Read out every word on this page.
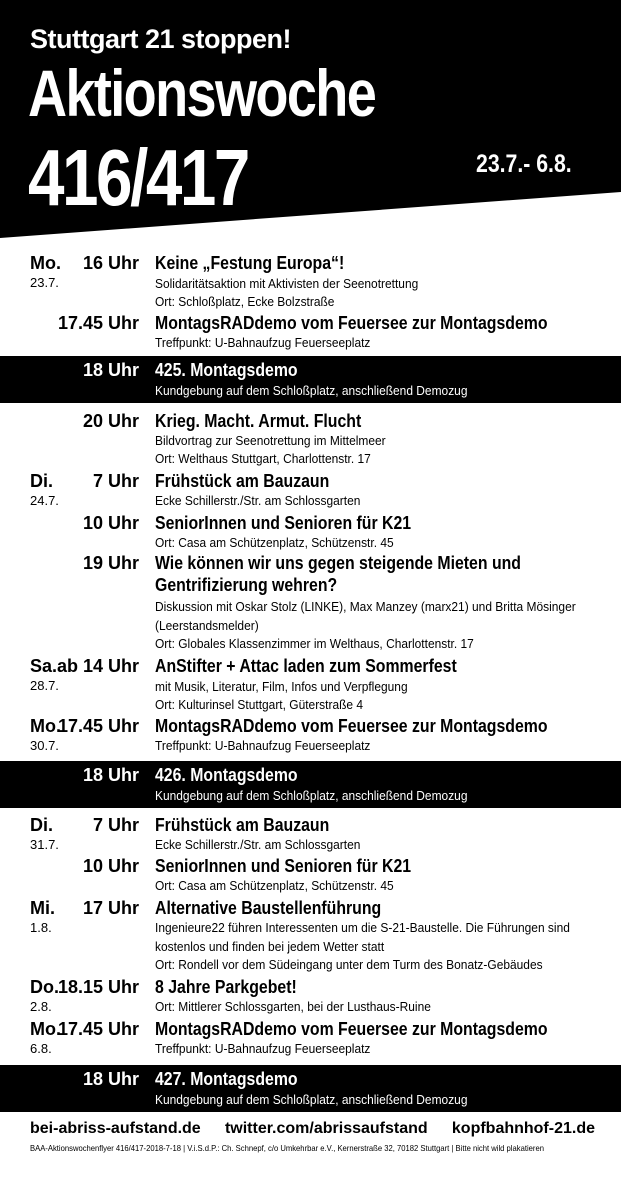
Stuttgart 21 stoppen!
Aktionswoche
416/417	23.7.- 6.8.
Mo.
23.7.
16 Uhr Keine „Festung Europa“!
Solidaritätsaktion mit Aktivisten der Seenotrettung
Ort: Schloßplatz, Ecke Bolzstraße
17.45 Uhr MontagsRADdemo vom Feuersee zur Montagsdemo
Treffpunkt: U-Bahnaufzug Feuerseeplatz
18 Uhr 425. Montagsdemo
Kundgebung auf dem Schloßplatz, anschließend Demozug
20 Uhr Krieg. Macht. Armut. Flucht
Bildvortrag zur Seenotrettung im Mittelmeer
Ort: Welthaus Stuttgart, Charlottenstr. 17
Di.
24.7.
7 Uhr Frühstück am Bauzaun
Ecke Schillerstr./Str. am Schlossgarten
10 Uhr SeniorInnen und Senioren für K21
Ort: Casa am Schützenplatz, Schützenstr. 45
19 Uhr Wie können wir uns gegen steigende Mieten und Gentrifizierung wehren?
Diskussion mit Oskar Stolz (LINKE), Max Manzey (marx21) und Britta Mösinger (Leerstandsmelder)
Ort: Globales Klassenzimmer im Welthaus, Charlottenstr. 17
Sa.
28.7.
ab 14 Uhr AnStifter + Attac laden zum Sommerfest
mit Musik, Literatur, Film, Infos und Verpflegung
Ort: Kulturinsel Stuttgart, Güterstraße 4
Mo.
30.7.
17.45 Uhr MontagsRADdemo vom Feuersee zur Montagsdemo
Treffpunkt: U-Bahnaufzug Feuerseeplatz
18 Uhr 426. Montagsdemo
Kundgebung auf dem Schloßplatz, anschließend Demozug
Di.
31.7.
7 Uhr Frühstück am Bauzaun
Ecke Schillerstr./Str. am Schlossgarten
10 Uhr SeniorInnen und Senioren für K21
Ort: Casa am Schützenplatz, Schützenstr. 45
Mi.
1.8.
17 Uhr Alternative Baustellenführung
Ingenieure22 führen Interessenten um die S-21-Baustelle. Die Führungen sind kostenlos und finden bei jedem Wetter statt
Ort: Rondell vor dem Südeingang unter dem Turm des Bonatz-Gebäudes
Do.
2.8.
18.15 Uhr 8 Jahre Parkgebet!
Ort: Mittlerer Schlossgarten, bei der Lusthaus-Ruine
Mo.
6.8.
17.45 Uhr MontagsRADdemo vom Feuersee zur Montagsdemo
Treffpunkt: U-Bahnaufzug Feuerseeplatz
18 Uhr 427. Montagsdemo
Kundgebung auf dem Schloßplatz, anschließend Demozug
bei-abriss-aufstand.de twitter.com/abrissaufstand kopfbahnhof-21.de
BAA-Aktionswochenflyer 416/417-2018-7-18 | V.i.S.d.P.: Ch. Schnepf, c/o Umkehrbar e.V., Kernerstraße 32, 70182 Stuttgart | Bitte nicht wild plakatieren
